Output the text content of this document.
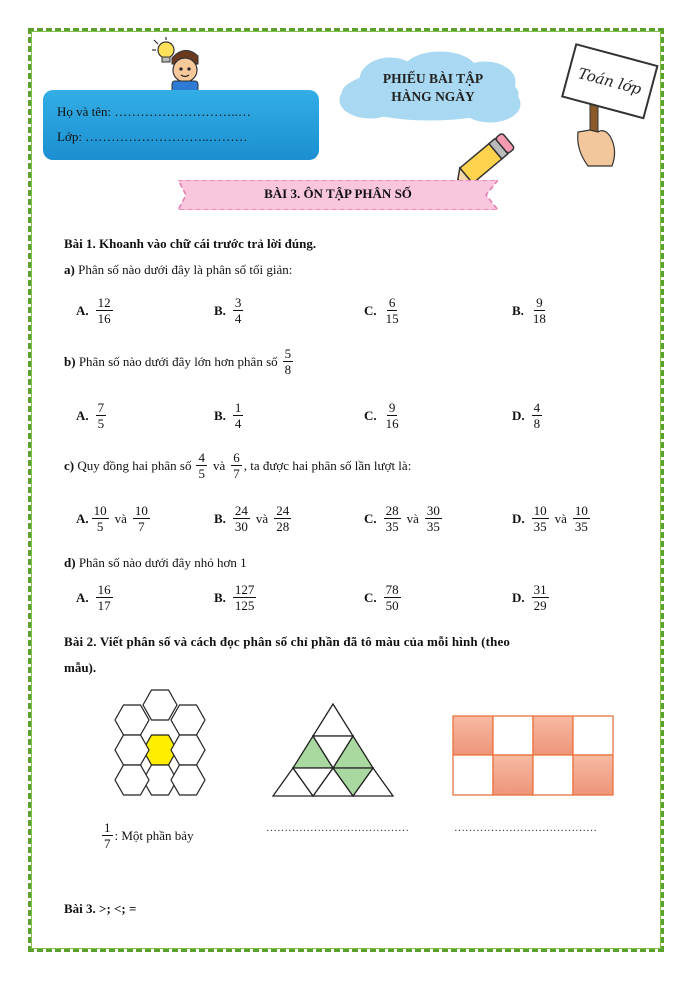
Họ và tên: ………………………..…
Lớp: ………………………..………
PHIẾU BÀI TẬP
HÀNG NGÀY	Toán lớp
BÀI 3. ÔN TẬP PHÂN SỐ
Bài 1. Khoanh vào chữ cái trước trả lời đúng.
a) Phân số nào dưới đây là phân số tối giản:
A. $\frac{12}{16}$	B. $\frac{3}{4}$	C. $\frac{6}{15}$	B. $\frac{9}{18}$
b) Phân số nào dưới đây lớn hơn phân số $\frac{5}{8}$
A. $\frac{7}{5}$	B. $\frac{1}{4}$	C. $\frac{9}{16}$	D. $\frac{4}{8}$
c) Quy đồng hai phân số $\frac{4}{5}$ và $\frac{6}{7}$ , ta được hai phân số lần lượt là:
A. $\frac{10}{5}$ và $\frac{10}{7}$	B. $\frac{24}{30}$ và $\frac{24}{28}$	C. $\frac{28}{35}$ và $\frac{30}{35}$	D. $\frac{10}{35}$ và $\frac{10}{35}$
d) Phân số nào dưới đây nhỏ hơn 1
A. $\frac{16}{17}$	B. $\frac{127}{125}$	C. $\frac{78}{50}$	D. $\frac{31}{29}$
Bài 2. Viết phân số và cách đọc phân số chỉ phần đã tô màu của mỗi hình (theo
mẫu).
$\frac{1}{7}$ : Một phần bảy	…………………………………	…………………………………
Bài 3. >; <; =
